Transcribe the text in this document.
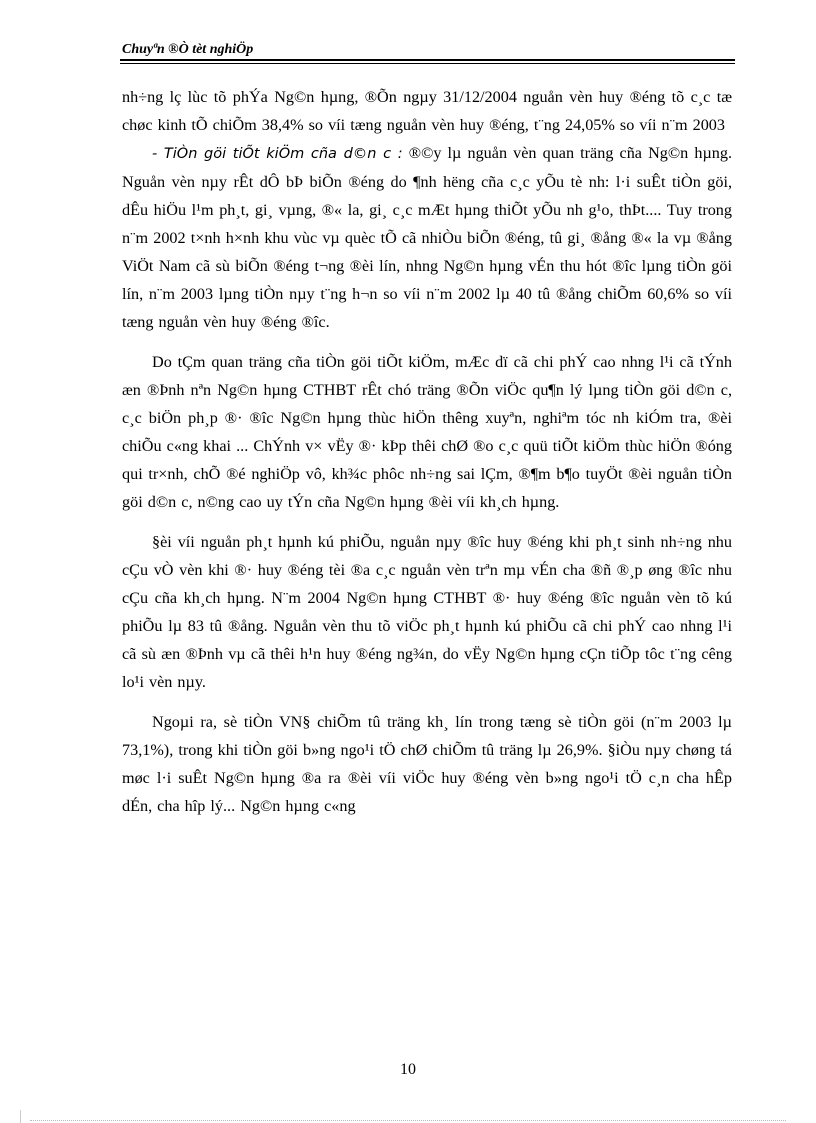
Chuyªn ®Ò tèt nghiÖp

nh÷ng lç lùc tõ phÝa Ng©n hµng, ®Õn ngµy 31/12/2004 nguån vèn huy ®éng tõ c¸c tæ chøc kinh tÕ chiÕm 38,4% so víi tæng nguån vèn huy ®éng, t¨ng 24,05% so víi n¨m 2003

- TiÒn göi tiÕt kiÖm cña d©n c : ®©y lµ nguån vèn quan träng cña Ng©n hµng. Nguån vèn nµy rÊt dÔ bÞ biÕn ®éng do ¶nh hëng cña c¸c yÕu tè nh: l·i suÊt tiÒn göi, dÊu hiÖu l¹m ph¸t, gi¸ vµng, ®« la, gi¸ c¸c mÆt hµng thiÕt yÕu nh g¹o, thÞt.... Tuy trong n¨m 2002 t×nh h×nh khu vùc vµ quèc tÕ cã nhiÒu biÕn ®éng, tû gi¸ ®ång ®« la vµ ®ång ViÖt Nam cã sù biÕn ®éng t¬ng ®èi lín, nhng Ng©n hµng vÉn thu hót ®îc lµng tiÒn göi lín, n¨m 2003 lµng tiÒn nµy t¨ng h¬n so víi n¨m 2002 lµ 40 tû ®ång chiÕm 60,6% so víi tæng nguån vèn huy ®éng ®îc.

Do tÇm quan träng cña tiÒn göi tiÕt kiÖm, mÆc dï cã chi phÝ cao nhng l¹i cã tÝnh æn ®Þnh nªn Ng©n hµng CTHBT rÊt chó träng ®Õn viÖc qu¶n lý lµng tiÒn göi d©n c, c¸c biÖn ph¸p ®· ®îc Ng©n hµng thùc hiÖn thêng xuyªn, nghiªm tóc nh kiÓm tra, ®èi chiÕu c«ng khai ... ChÝnh v× vËy ®· kÞp thêi chØ ®o c¸c quü tiÕt kiÖm thùc hiÖn ®óng qui tr×nh, chÕ ®é nghiÖp vô, kh¾c phôc nh÷ng sai lÇm, ®¶m b¶o tuyÖt ®èi nguån tiÒn göi d©n c, n©ng cao uy tÝn cña Ng©n hµng ®èi víi kh¸ch hµng.

§èi víi nguån ph¸t hµnh kú phiÕu, nguån nµy ®îc huy ®éng khi ph¸t sinh nh÷ng nhu cÇu vÒ vèn khi ®· huy ®éng tèi ®a c¸c nguån vèn trªn mµ vÉn cha ®ñ ®¸p øng ®îc nhu cÇu cña kh¸ch hµng. N¨m 2004 Ng©n hµng CTHBT ®· huy ®éng ®îc nguån vèn tõ kú phiÕu lµ 83 tû ®ång. Nguån vèn thu tõ viÖc ph¸t hµnh kú phiÕu cã chi phÝ cao nhng l¹i cã sù æn ®Þnh vµ cã thêi h¹n huy ®éng ng¾n, do vËy Ng©n hµng cÇn tiÕp tôc t¨ng cêng lo¹i vèn nµy.

Ngoµi ra, sè tiÒn VN§ chiÕm tû träng kh¸ lín trong tæng sè tiÒn göi (n¨m 2003 lµ 73,1%), trong khi tiÒn göi b»ng ngo¹i tÖ chØ chiÕm tû träng lµ 26,9%. §iÒu nµy chøng tá møc l·i suÊt Ng©n hµng ®a ra ®èi víi viÖc huy ®éng vèn b»ng ngo¹i tÖ c¸n cha hÊp dÉn, cha hîp lý... Ng©n hµng c«ng

10
